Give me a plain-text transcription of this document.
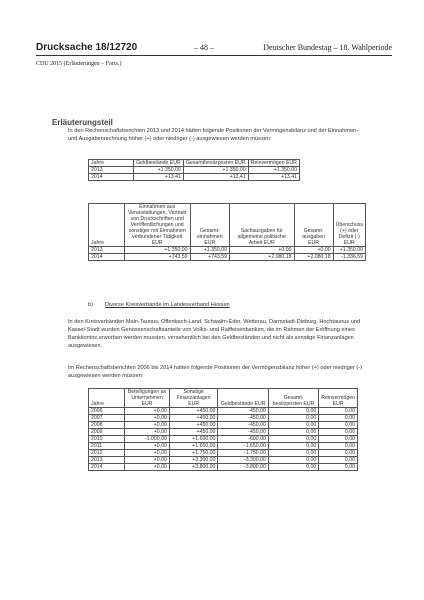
Drucksache 18/12720	– 48 –	Deutscher Bundestag – 18. Wahlperiode
CDU 2015 (Erläuterungen – Forts.)
Erläuterungsteil
In den Rechenschaftsberichten 2013 und 2014 hätten folgende Positionen der Vermögensbilanz und der Einnahmen- und Ausgabenrechnung höher (+) oder niedriger (-) ausgewiesen werden müssen:
Jahre	Geldbestände EUR	Gesamtbesitzposten EUR	Reinvermögen EUR
2013	+1.350,00	+1.350,00	+1.350,00
2014	+13,41	+13,41	+13,41
Jahre	Einnahmen aus Veranstaltungen, Vertrieb von Druckschriften und Veröffentlichungen und sonstiger mit Einnahmen verbundener Tätigkeit EUR	Gesamt-einnahmen EUR	Sachausgaben für allgemeine politische Arbeit EUR	Gesamt-ausgaben EUR	Überschuss (+) oder Defizit (-) EUR
2013	+1.350,00	+1.350,00	+0,00	+0,00	+1.350,00
2014	+743,59	+743,59	+2.080,18	+2.080,18	-1.336,59
b) Diverse Kreisverbände im Landesverband Hessen
In den Kreisverbänden Main-Taunus, Offenbach-Land, Schwalm-Eder, Wetterau, Darmstadt-Dieburg, Hochtaunus und Kassel-Stadt wurden Genossenschaftsanteile von Volks- und Raiffeisenbanken, die im Rahmen der Eröffnung eines Bankkontos erworben werden mussten, versehentlich bei den Geldbeständen und nicht als sonstige Finanzanlagen ausgewiesen.
Im Rechenschaftsberichten 2006 bis 2014 hätten folgende Positionen der Vermögensbilanz höher (+) oder niedriger (-) ausgewiesen werden müssen:
Jahre	Beteiligungen an Unternehmen EUR	Sonstige Finanzanlagen EUR	Geldbestände EUR	Gesamt-besitzposten EUR	Reinvermögen EUR
2006	+0,00	+450,00	-450,00	0,00	0,00
2007	+0,00	+450,00	-450,00	0,00	0,00
2008	+0,00	+450,00	-450,00	0,00	0,00
2009	+0,00	+450,00	-450,00	0,00	0,00
2010	-1.000,00	+1.600,00	-600,00	0,00	0,00
2011	+0,00	+1.650,00	-1.650,00	0,00	0,00
2012	+0,00	+1.750,00	-1.750,00	0,00	0,00
2013	+0,00	+3.300,00	-3.300,00	0,00	0,00
2014	+0,00	+3.800,00	-3.800,00	0,00	0,00
